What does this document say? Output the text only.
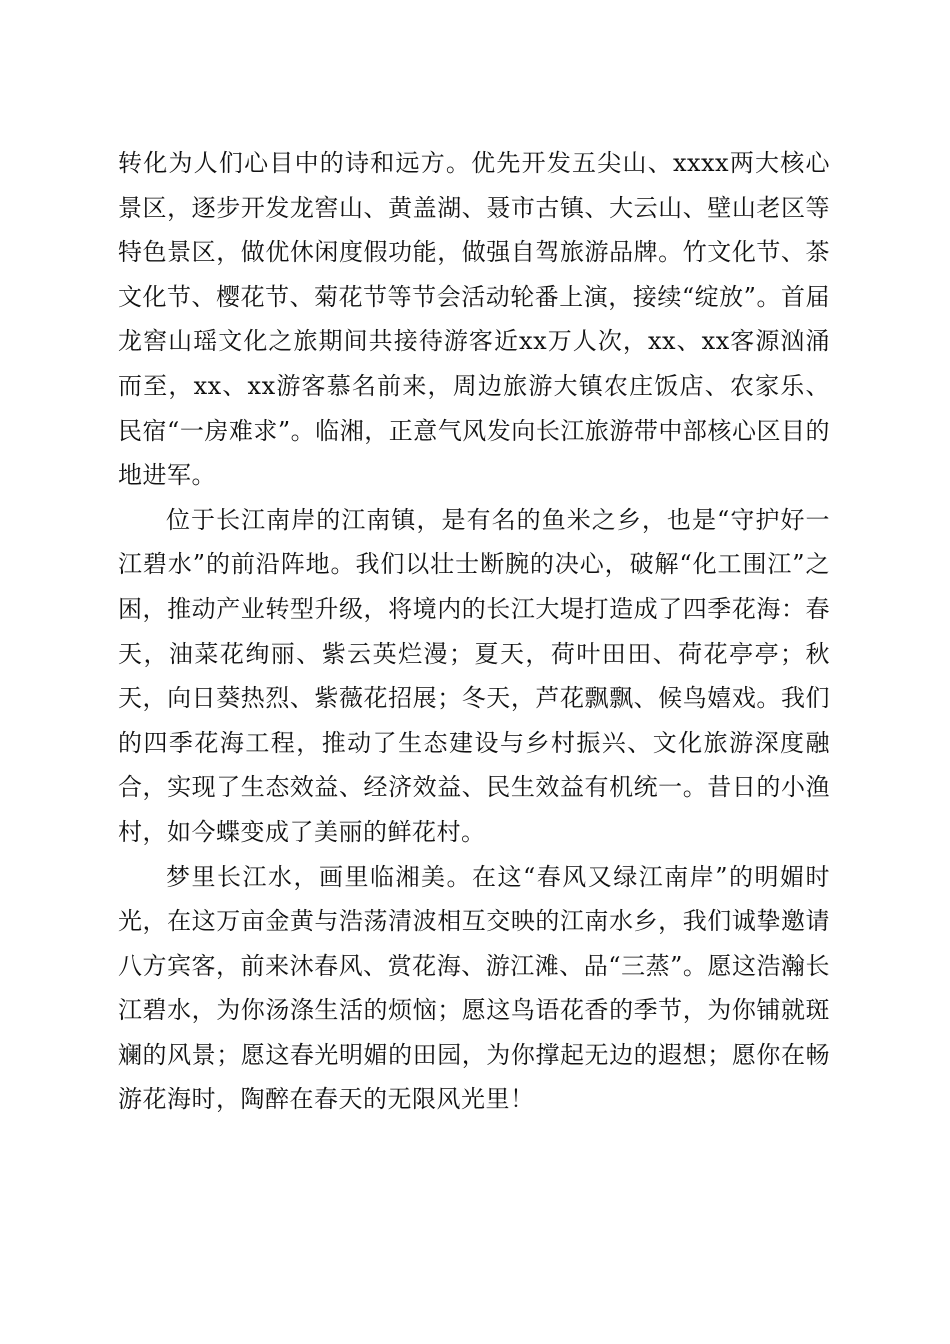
转化为人们心目中的诗和远方。优先开发五尖山、xxxx两大核心景区，逐步开发龙窖山、黄盖湖、聂市古镇、大云山、壁山老区等特色景区，做优休闲度假功能，做强自驾旅游品牌。竹文化节、茶文化节、樱花节、菊花节等节会活动轮番上演，接续“绽放”。首届龙窖山瑶文化之旅期间共接待游客近xx万人次，xx、xx客源汹涌而至，xx、xx游客慕名前来，周边旅游大镇农庄饭店、农家乐、民宿“一房难求”。临湘，正意气风发向长江旅游带中部核心区目的地进军。

位于长江南岸的江南镇，是有名的鱼米之乡，也是“守护好一江碧水”的前沿阵地。我们以壮士断腕的决心，破解“化工围江”之困，推动产业转型升级，将境内的长江大堤打造成了四季花海：春天，油菜花绚丽、紫云英烂漫；夏天，荷叶田田、荷花亭亭；秋天，向日葵热烈、紫薇花招展；冬天，芦花飘飘、候鸟嬉戏。我们的四季花海工程，推动了生态建设与乡村振兴、文化旅游深度融合，实现了生态效益、经济效益、民生效益有机统一。昔日的小渔村，如今蝶变成了美丽的鲜花村。

梦里长江水，画里临湘美。在这“春风又绿江南岸”的明媚时光，在这万亩金黄与浩荡清波相互交映的江南水乡，我们诚挚邀请八方宾客，前来沐春风、赏花海、游江滩、品“三蒸”。愿这浩瀚长江碧水，为你汤涤生活的烦恼；愿这鸟语花香的季节，为你铺就斑斓的风景；愿这春光明媚的田园，为你撑起无边的遐想；愿你在畅游花海时，陶醉在春天的无限风光里！
